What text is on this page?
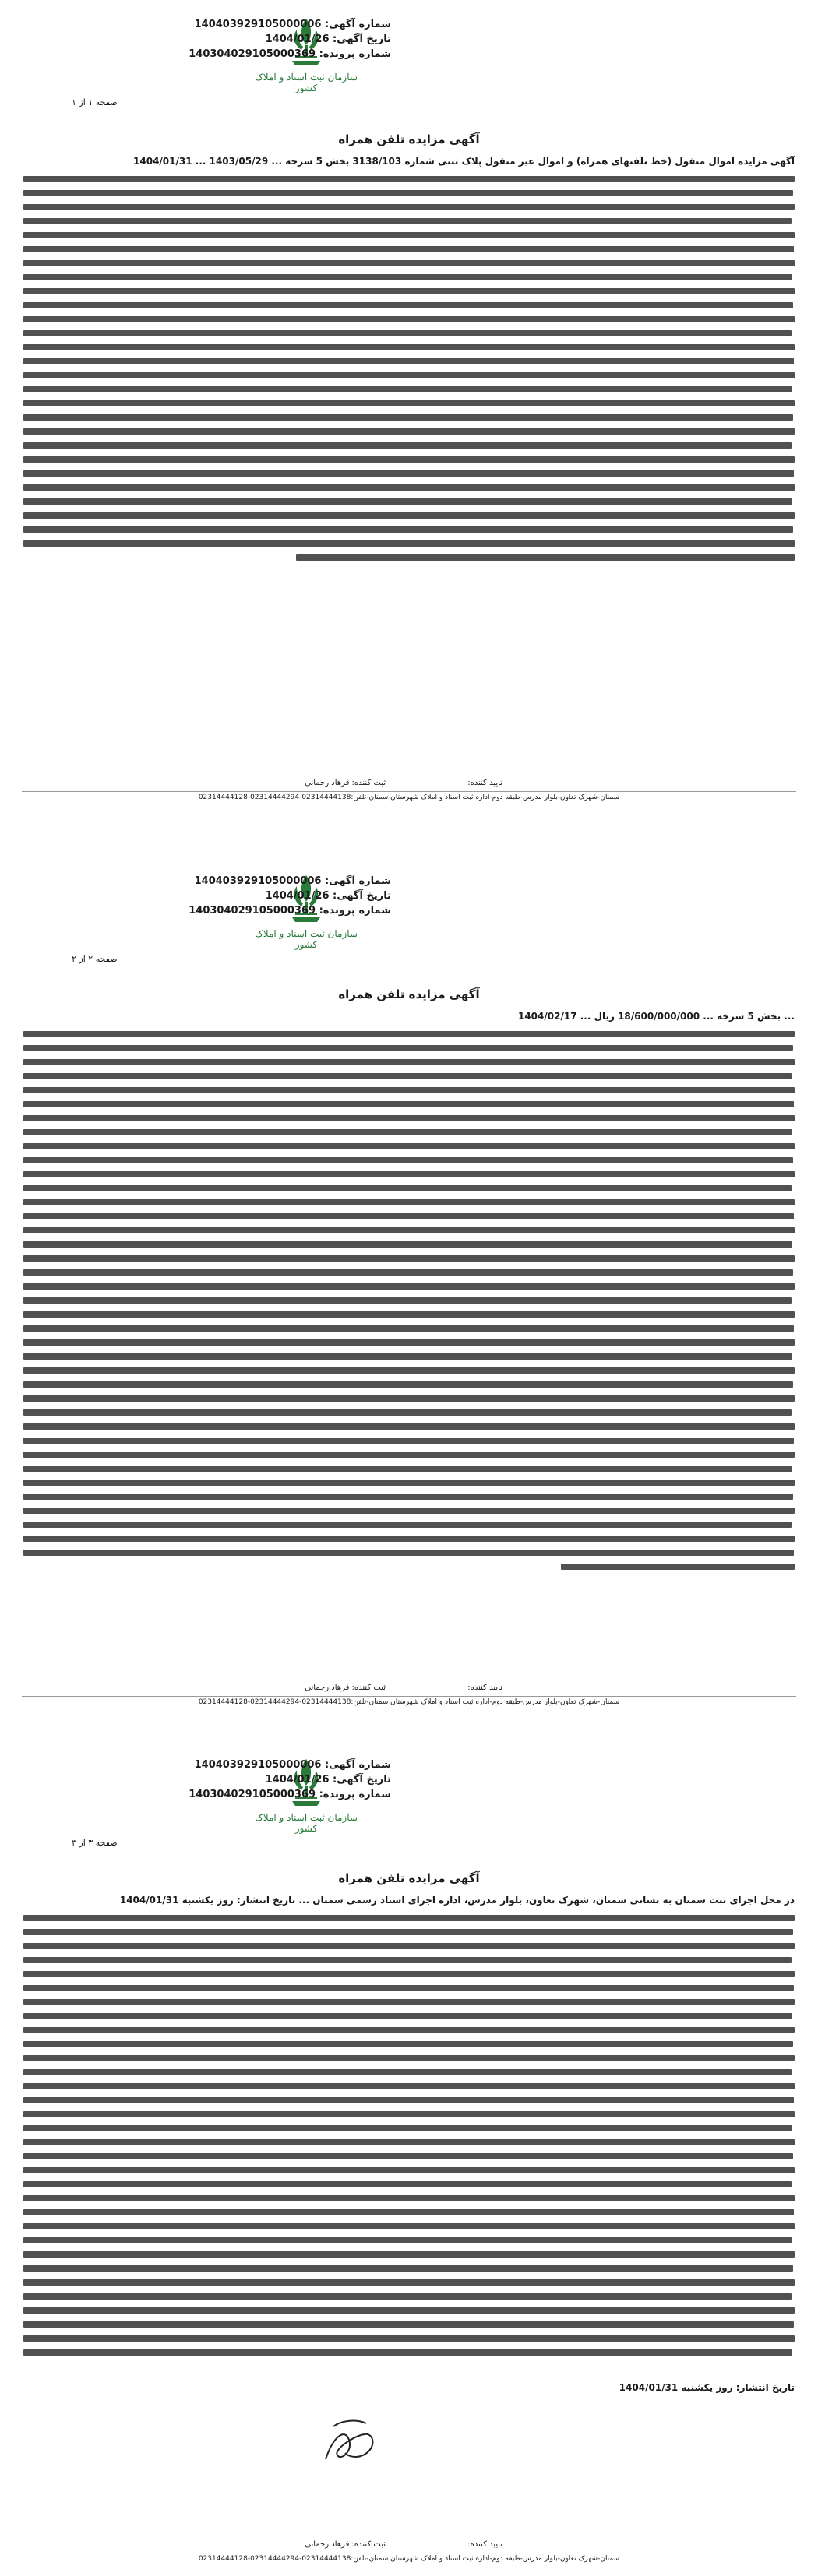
سازمان ثبت اسناد و املاک کشور
شماره آگهی: 140403929105000006
تاریخ آگهی: 1404/01/26
شماره پرونده: 140304029105000369
صفحه ۱ از ۱
آگهی مزایده تلفن همراه
آگهی مزایده اموال منقول (خط تلفنهای همراه) و اموال غیر منقول پلاک ثبتی شماره 3138/103 بخش 5 سرخه ... 1403/05/29 ... 1404/01/31
ثبت کننده: فرهاد رحمانی	تایید کننده:
سمنان-شهرک تعاون-بلوار مدرس-طبقه دوم-اداره ثبت اسناد و املاک شهرستان سمنان-تلفن:02314444138-02314444294-02314444128
سازمان ثبت اسناد و املاک کشور
شماره آگهی: 140403929105000006
تاریخ آگهی: 1404/01/26
شماره پرونده: 140304029105000369
صفحه ۲ از ۲
آگهی مزایده تلفن همراه
... بخش 5 سرخه ... 18/600/000/000 ریال ... 1404/02/17
ثبت کننده: فرهاد رحمانی	تایید کننده:
سمنان-شهرک تعاون-بلوار مدرس-طبقه دوم-اداره ثبت اسناد و املاک شهرستان سمنان-تلفن:02314444138-02314444294-02314444128
سازمان ثبت اسناد و املاک کشور
شماره آگهی: 140403929105000006
تاریخ آگهی: 1404/01/26
شماره پرونده: 140304029105000369
صفحه ۳ از ۳
آگهی مزایده تلفن همراه
در محل اجرای ثبت سمنان به نشانی سمنان، شهرک تعاون، بلوار مدرس، اداره اجرای اسناد رسمی سمنان ... تاریخ انتشار: روز یکشنبه 1404/01/31
تاریخ انتشار: روز یکشنبه 1404/01/31
ثبت کننده: فرهاد رحمانی	تایید کننده:
سمنان-شهرک تعاون-بلوار مدرس-طبقه دوم-اداره ثبت اسناد و املاک شهرستان سمنان-تلفن:02314444138-02314444294-02314444128
